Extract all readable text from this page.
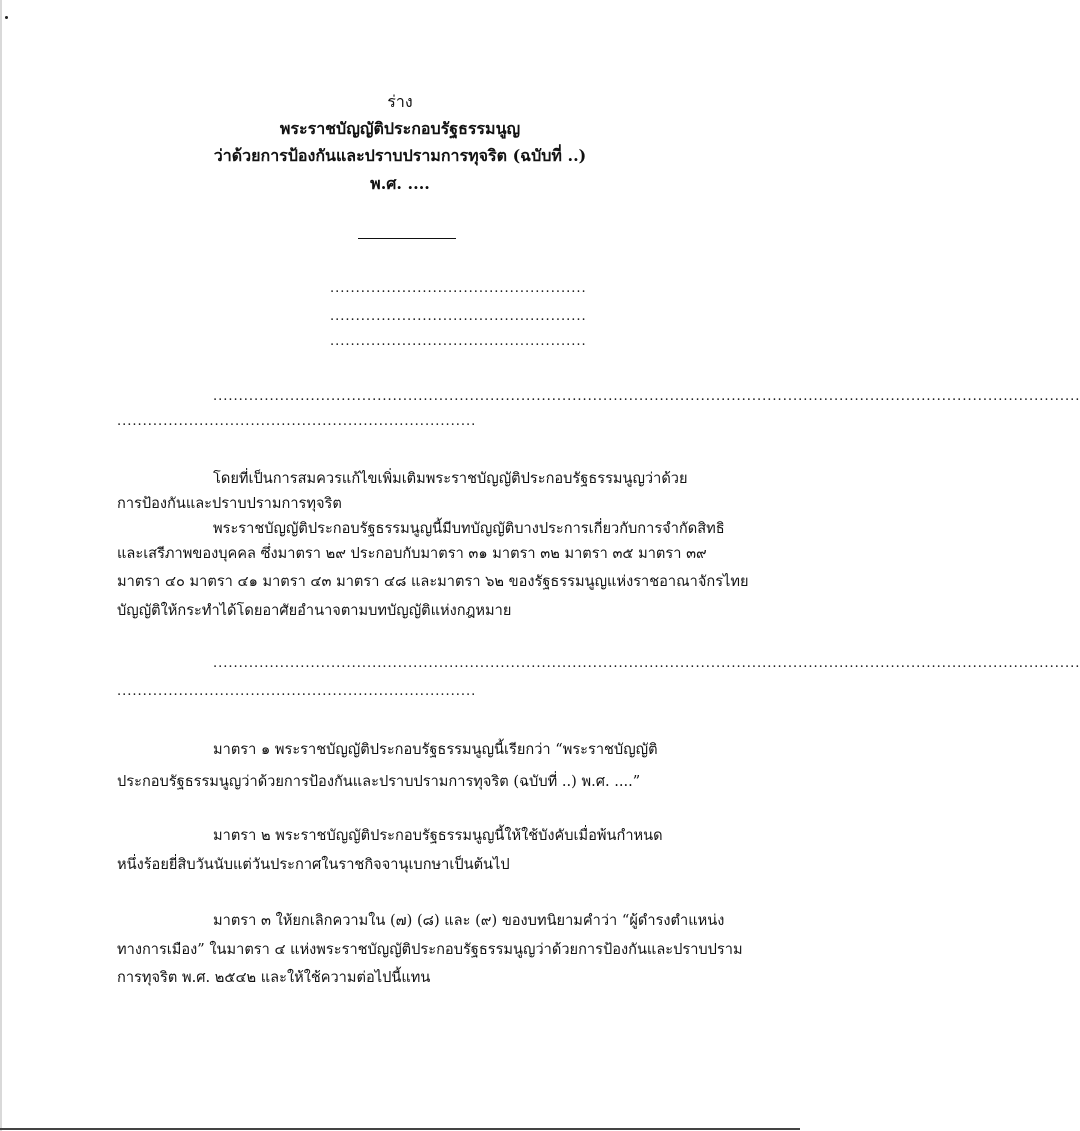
ร่าง
พระราชบัญญัติประกอบรัฐธรรมนูญ
ว่าด้วยการป้องกันและปราบปรามการทุจริต (ฉบับที่ ..)
พ.ศ. ....
..................................................
..................................................
..................................................
.........................................................................................................................................................................
......................................................................
โดยที่เป็นการสมควรแก้ไขเพิ่มเติมพระราชบัญญัติประกอบรัฐธรรมนูญว่าด้วย
การป้องกันและปราบปรามการทุจริต
พระราชบัญญัติประกอบรัฐธรรมนูญนี้มีบทบัญญัติบางประการเกี่ยวกับการจำกัดสิทธิ
และเสรีภาพของบุคคล ซึ่งมาตรา ๒๙ ประกอบกับมาตรา ๓๑ มาตรา ๓๒ มาตรา ๓๕ มาตรา ๓๙
มาตรา ๔๐ มาตรา ๔๑ มาตรา ๔๓ มาตรา ๔๘ และมาตรา ๖๒ ของรัฐธรรมนูญแห่งราชอาณาจักรไทย
บัญญัติให้กระทำได้โดยอาศัยอำนาจตามบทบัญญัติแห่งกฎหมาย
.........................................................................................................................................................................
......................................................................
มาตรา ๑ พระราชบัญญัติประกอบรัฐธรรมนูญนี้เรียกว่า “พระราชบัญญัติ
ประกอบรัฐธรรมนูญว่าด้วยการป้องกันและปราบปรามการทุจริต (ฉบับที่ ..) พ.ศ. ....”
มาตรา ๒ พระราชบัญญัติประกอบรัฐธรรมนูญนี้ให้ใช้บังคับเมื่อพ้นกำหนด
หนึ่งร้อยยี่สิบวันนับแต่วันประกาศในราชกิจจานุเบกษาเป็นต้นไป
มาตรา ๓ ให้ยกเลิกความใน (๗) (๘) และ (๙) ของบทนิยามคำว่า “ผู้ดำรงตำแหน่ง
ทางการเมือง” ในมาตรา ๔ แห่งพระราชบัญญัติประกอบรัฐธรรมนูญว่าด้วยการป้องกันและปราบปราม
การทุจริต พ.ศ. ๒๕๔๒ และให้ใช้ความต่อไปนี้แทน
